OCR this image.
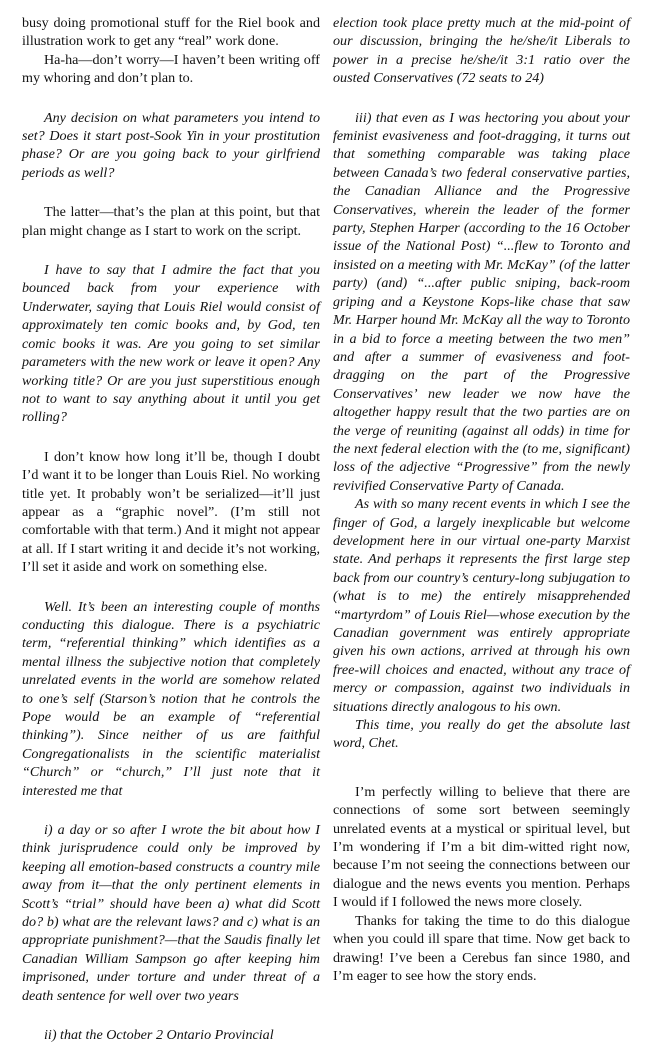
busy doing promotional stuff for the Riel book and illustration work to get any “real” work done.

Ha-ha—don’t worry—I haven’t been writing off my whoring and don’t plan to.

Any decision on what parameters you intend to set? Does it start post-Sook Yin in your prostitution phase? Or are you going back to your girlfriend periods as well?

The latter—that’s the plan at this point, but that plan might change as I start to work on the script.

I have to say that I admire the fact that you bounced back from your experience with Underwater, saying that Louis Riel would consist of approximately ten comic books and, by God, ten comic books it was. Are you going to set similar parameters with the new work or leave it open? Any working title? Or are you just superstitious enough not to want to say anything about it until you get rolling?

I don’t know how long it’ll be, though I doubt I’d want it to be longer than Louis Riel. No working title yet. It probably won’t be serialized—it’ll just appear as a “graphic novel”. (I’m still not comfortable with that term.) And it might not appear at all. If I start writing it and decide it’s not working, I’ll set it aside and work on something else.

Well. It’s been an interesting couple of months conducting this dialogue. There is a psychiatric term, “referential thinking” which identifies as a mental illness the subjective notion that completely unrelated events in the world are somehow related to one’s self (Starson’s notion that he controls the Pope would be an example of “referential thinking”). Since neither of us are faithful Congregationalists in the scientific materialist “Church” or “church,” I’ll just note that it interested me that

i) a day or so after I wrote the bit about how I think jurisprudence could only be improved by keeping all emotion-based constructs a country mile away from it—that the only pertinent elements in Scott’s “trial” should have been a) what did Scott do? b) what are the relevant laws? and c) what is an appropriate punishment?—that the Saudis finally let Canadian William Sampson go after keeping him imprisoned, under torture and under threat of a death sentence for well over two years

ii) that the October 2 Ontario Provincial

election took place pretty much at the mid-point of our discussion, bringing the he/she/it Liberals to power in a precise he/she/it 3:1 ratio over the ousted Conservatives (72 seats to 24)

iii) that even as I was hectoring you about your feminist evasiveness and foot-dragging, it turns out that something comparable was taking place between Canada’s two federal conservative parties, the Canadian Alliance and the Progressive Conservatives, wherein the leader of the former party, Stephen Harper (according to the 16 October issue of the National Post) “...flew to Toronto and insisted on a meeting with Mr. McKay” (of the latter party) (and) “...after public sniping, back-room griping and a Keystone Kops-like chase that saw Mr. Harper hound Mr. McKay all the way to Toronto in a bid to force a meeting between the two men” and after a summer of evasiveness and foot-dragging on the part of the Progressive Conservatives’ new leader we now have the altogether happy result that the two parties are on the verge of reuniting (against all odds) in time for the next federal election with the (to me, significant) loss of the adjective “Progressive” from the newly revivified Conservative Party of Canada.

As with so many recent events in which I see the finger of God, a largely inexplicable but welcome development here in our virtual one-party Marxist state. And perhaps it represents the first large step back from our country’s century-long subjugation to (what is to me) the entirely misapprehended “martyrdom” of Louis Riel—whose execution by the Canadian government was entirely appropriate given his own actions, arrived at through his own free-will choices and enacted, without any trace of mercy or compassion, against two individuals in situations directly analogous to his own.

This time, you really do get the absolute last word, Chet.

I’m perfectly willing to believe that there are connections of some sort between seemingly unrelated events at a mystical or spiritual level, but I’m wondering if I’m a bit dim-witted right now, because I’m not seeing the connections between our dialogue and the news events you mention. Perhaps I would if I followed the news more closely.

Thanks for taking the time to do this dialogue when you could ill spare that time. Now get back to drawing! I’ve been a Cerebus fan since 1980, and I’m eager to see how the story ends.
